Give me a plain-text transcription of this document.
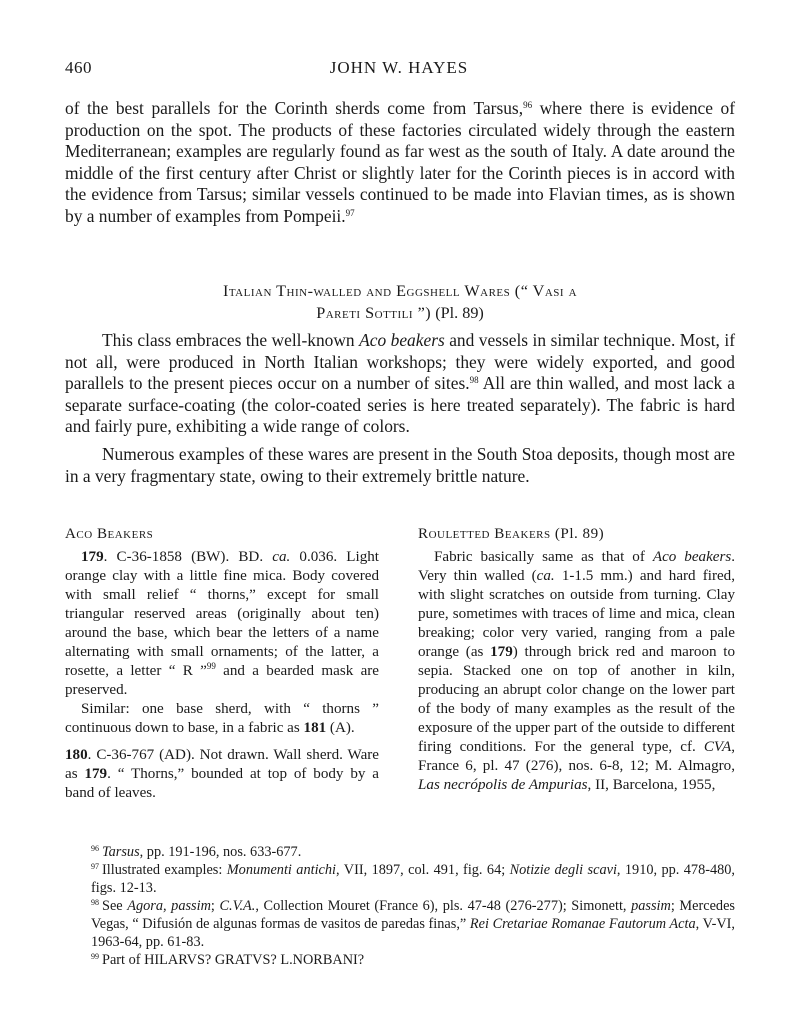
460	JOHN W. HAYES

of the best parallels for the Corinth sherds come from Tarsus,$^{96}$ where there is evidence of production on the spot. The products of these factories circulated widely through the eastern Mediterranean; examples are regularly found as far west as the south of Italy. A date around the middle of the first century after Christ or slightly later for the Corinth pieces is in accord with the evidence from Tarsus; similar vessels continued to be made into Flavian times, as is shown by a number of examples from Pompeii.$^{97}$

Italian Thin-walled and Eggshell Wares (“ Vasi a
Pareti Sottili ”) (Pl. 89)

This class embraces the well-known Aco beakers and vessels in similar technique. Most, if not all, were produced in North Italian workshops; they were widely exported, and good parallels to the present pieces occur on a number of sites.$^{98}$ All are thin walled, and most lack a separate surface-coating (the color-coated series is here treated separately). The fabric is hard and fairly pure, exhibiting a wide range of colors.

Numerous examples of these wares are present in the South Stoa deposits, though most are in a very fragmentary state, owing to their extremely brittle nature.

Aco Beakers

179. C-36-1858 (BW). BD. ca. 0.036. Light orange clay with a little fine mica. Body covered with small relief “ thorns,” except for small triangular reserved areas (originally about ten) around the base, which bear the letters of a name alternating with small ornaments; of the latter, a rosette, a letter “ R ”$^{99}$ and a bearded mask are preserved.

Similar: one base sherd, with “ thorns ” continuous down to base, in a fabric as 181 (A).

180. C-36-767 (AD). Not drawn. Wall sherd. Ware as 179. “ Thorns,” bounded at top of body by a band of leaves.

Rouletted Beakers (Pl. 89)

Fabric basically same as that of Aco beakers. Very thin walled (ca. 1-1.5 mm.) and hard fired, with slight scratches on outside from turning. Clay pure, sometimes with traces of lime and mica, clean breaking; color very varied, ranging from a pale orange (as 179) through brick red and maroon to sepia. Stacked one on top of another in kiln, producing an abrupt color change on the lower part of the body of many examples as the result of the exposure of the upper part of the outside to different firing conditions. For the general type, cf. CVA, France 6, pl. 47 (276), nos. 6-8, 12; M. Almagro, Las necrópolis de Ampurias, II, Barcelona, 1955,

$^{96}$ Tarsus, pp. 191-196, nos. 633-677.

$^{97}$ Illustrated examples: Monumenti antichi, VII, 1897, col. 491, fig. 64; Notizie degli scavi, 1910, pp. 478-480, figs. 12-13.

$^{98}$ See Agora, passim; C.V.A., Collection Mouret (France 6), pls. 47-48 (276-277); Simonett, passim; Mercedes Vegas, “ Difusión de algunas formas de vasitos de paredas finas,” Rei Cretariae Romanae Fautorum Acta, V-VI, 1963-64, pp. 61-83.

$^{99}$ Part of HILARVS? GRATVS? L.NORBANI?
